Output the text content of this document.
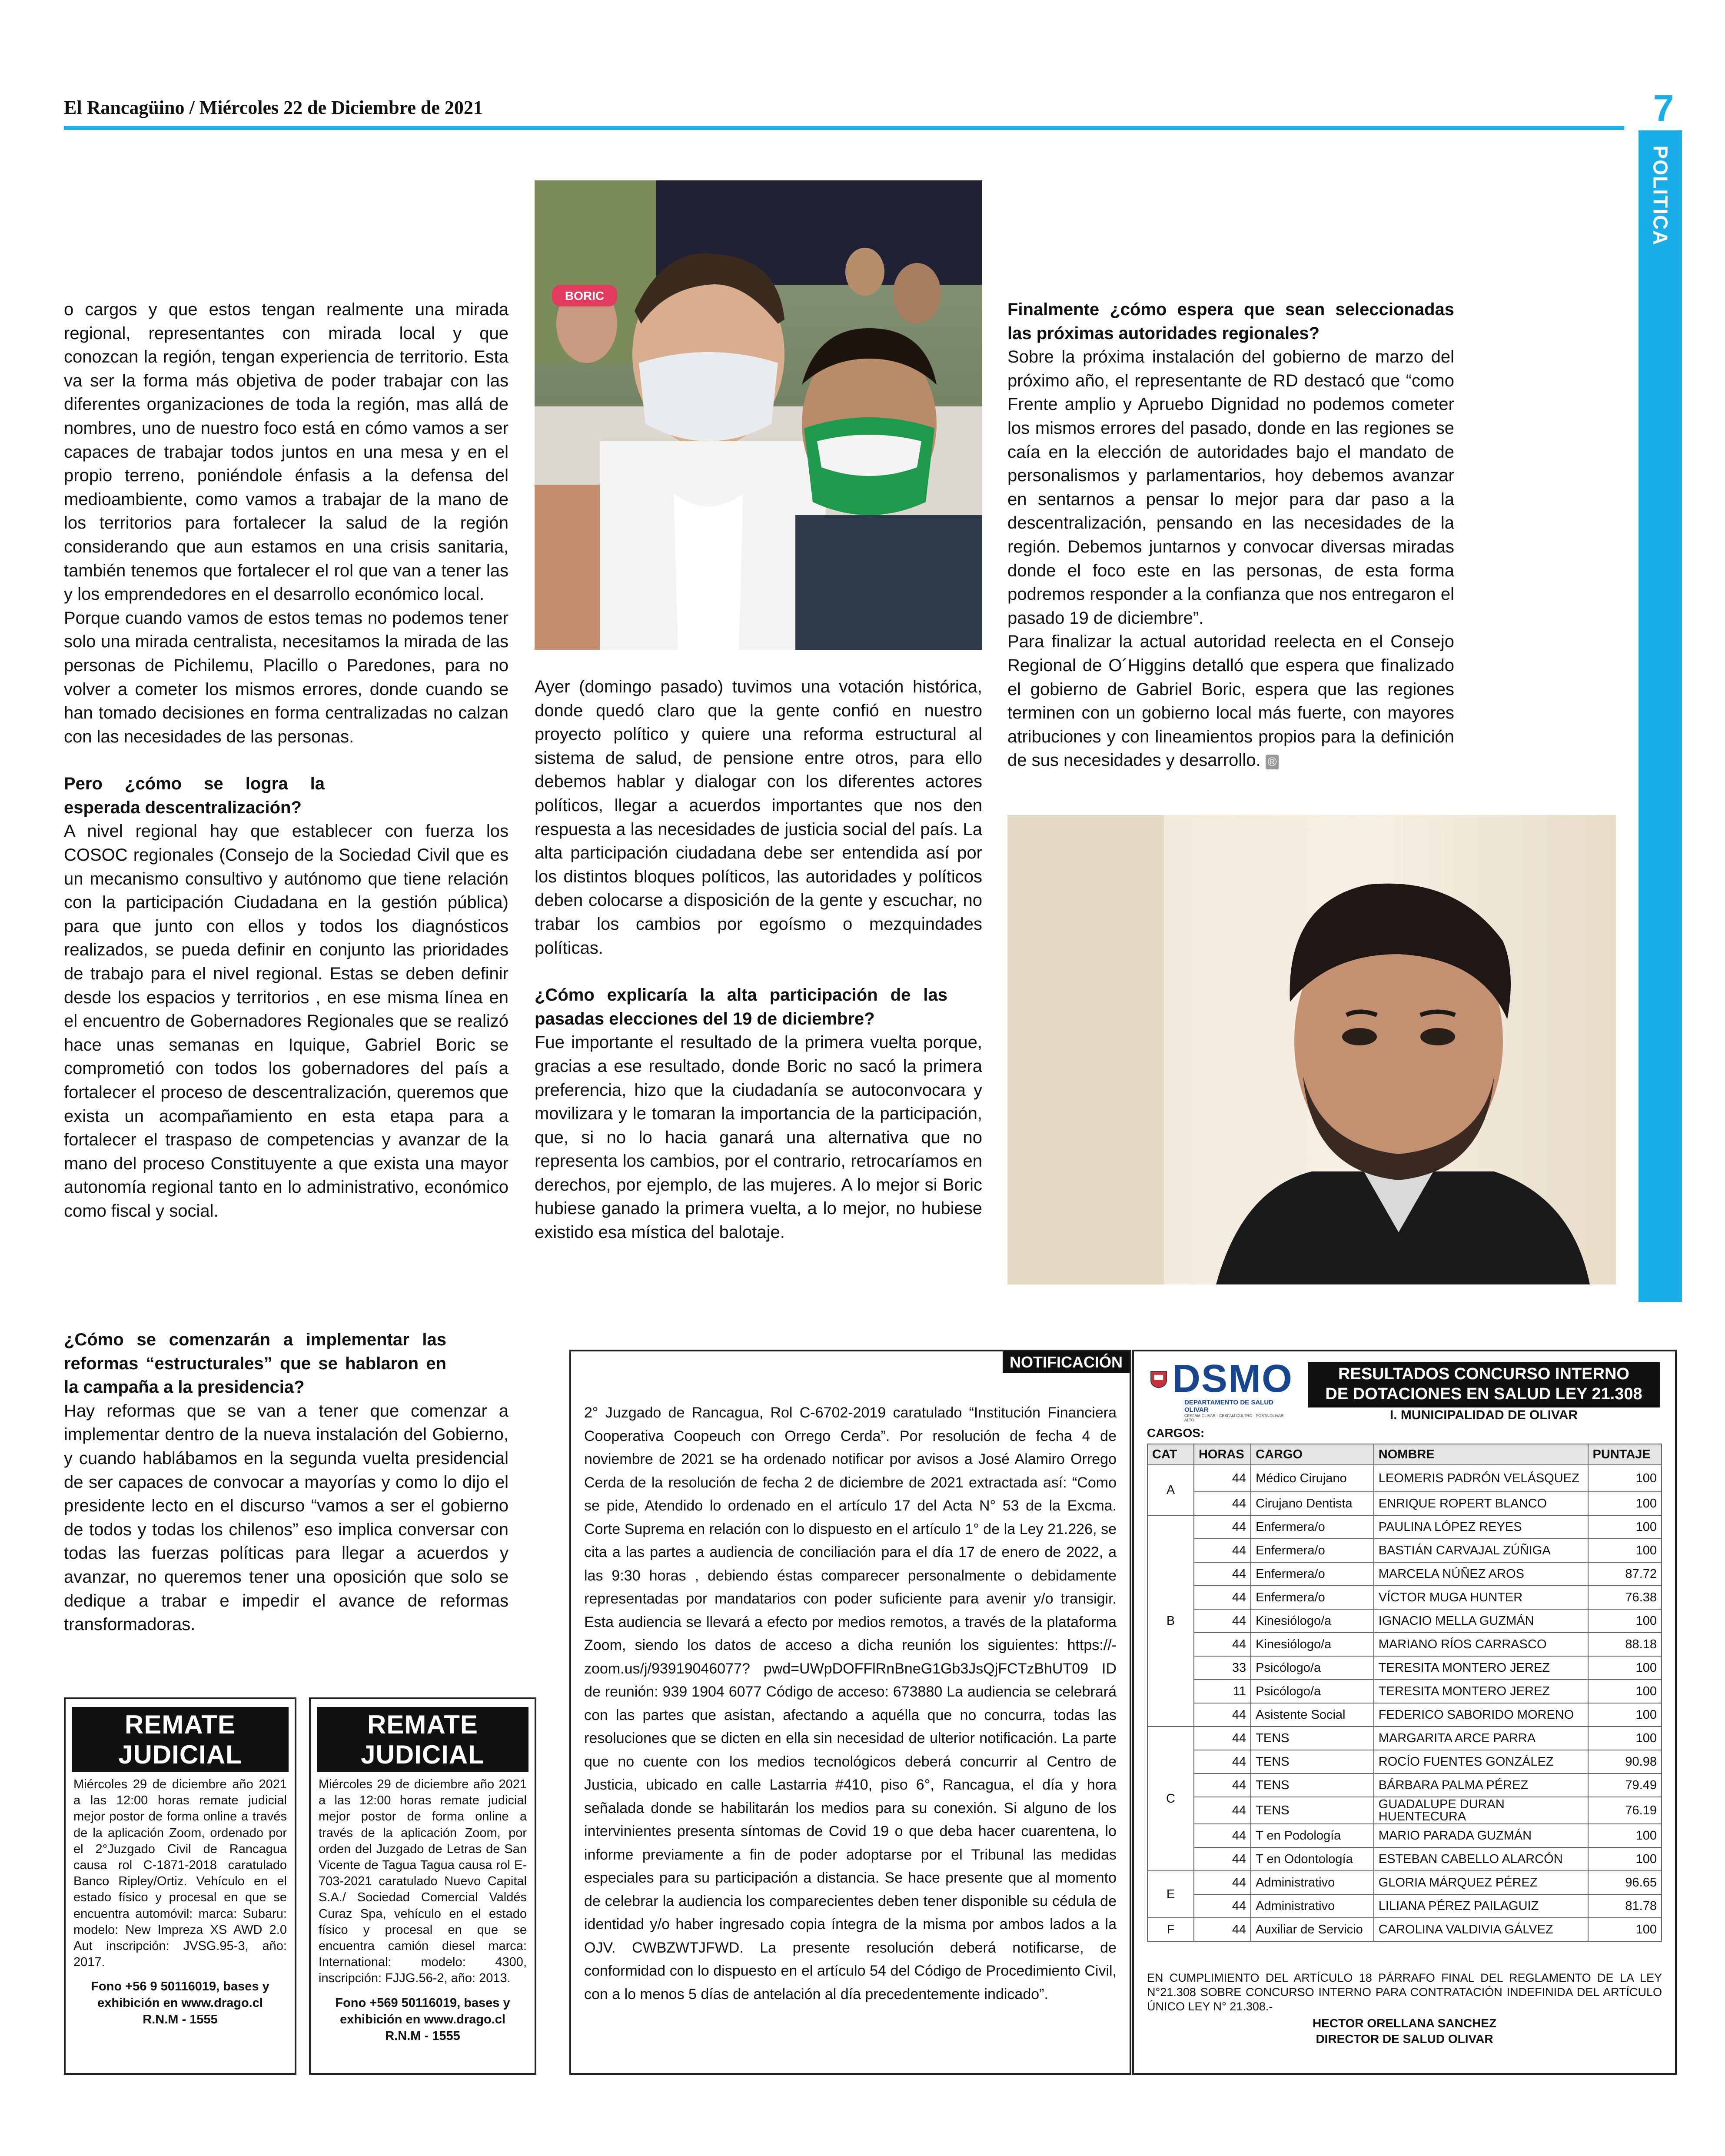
El Rancagüino / Miércoles 22 de Diciembre de 2021	7
POLITICA

o cargos y que estos tengan realmente una mirada regional, representantes con mirada local y que conozcan la región, tengan experiencia de territorio. Esta va ser la forma más objetiva de poder trabajar con las diferentes organizaciones de toda la región, mas allá de nombres, uno de nuestro foco está en cómo vamos a ser capaces de trabajar todos juntos en una mesa y en el propio terreno, poniéndole énfasis a la defensa del medioambiente, como vamos a trabajar de la mano de los territorios para fortalecer la salud de la región considerando que aun estamos en una crisis sanitaria, también tenemos que fortalecer el rol que van a tener las y los emprendedores en el desarrollo económico local.

Porque cuando vamos de estos temas no podemos tener solo una mirada centralista, necesitamos la mirada de las personas de Pichilemu, Placillo o Paredones, para no volver a cometer los mismos errores, donde cuando se han tomado decisiones en forma centralizadas no calzan con las necesidades de las personas.

Pero ¿cómo se logra la esperada descentralización?

A nivel regional hay que establecer con fuerza los COSOC regionales (Consejo de la Sociedad Civil que es un mecanismo consultivo y autónomo que tiene relación con la participación Ciudadana en la gestión pública) para que junto con ellos y todos los diagnósticos realizados, se pueda definir en conjunto las prioridades de trabajo para el nivel regional. Estas se deben definir desde los espacios y territorios , en ese misma línea en el encuentro de Gobernadores Regionales que se realizó hace unas semanas en Iquique, Gabriel Boric se comprometió con todos los gobernadores del país a fortalecer el proceso de descentralización, queremos que exista un acompañamiento en esta etapa para a fortalecer el traspaso de competencias y avanzar de la mano del proceso Constituyente a que exista una mayor autonomía regional tanto en lo administrativo, económico como fiscal y social.

¿Cómo se comenzarán a implementar las reformas “estructurales” que se hablaron en la campaña a la presidencia?

Hay reformas que se van a tener que comenzar a implementar dentro de la nueva instalación del Gobierno, y cuando hablábamos en la segunda vuelta presidencial de ser capaces de convocar a mayorías y como lo dijo el presidente lecto en el discurso “vamos a ser el gobierno de todos y todas los chilenos” eso implica conversar con todas las fuerzas políticas para llegar a acuerdos y avanzar, no queremos tener una oposición que solo se dedique a trabar e impedir el avance de reformas transformadoras.

BORIC

Ayer (domingo pasado) tuvimos una votación histórica, donde quedó claro que la gente confió en nuestro proyecto político y quiere una reforma estructural al sistema de salud, de pensione entre otros, para ello debemos hablar y dialogar con los diferentes actores políticos, llegar a acuerdos importantes que nos den respuesta a las necesidades de justicia social del país. La alta participación ciudadana debe ser entendida así por los distintos bloques políticos, las autoridades y políticos deben colocarse a disposición de la gente y escuchar, no trabar los cambios por egoísmo o mezquindades políticas.

¿Cómo explicaría la alta participación de las pasadas elecciones del 19 de diciembre?

Fue importante el resultado de la primera vuelta porque, gracias a ese resultado, donde Boric no sacó la primera preferencia, hizo que la ciudadanía se autoconvocara y movilizara y le tomaran la importancia de la participación, que, si no lo hacia ganará una alternativa que no representa los cambios, por el contrario, retrocaríamos en derechos, por ejemplo, de las mujeres. A lo mejor si Boric hubiese ganado la primera vuelta, a lo mejor, no hubiese existido esa mística del balotaje.

Finalmente ¿cómo espera que sean seleccionadas las próximas autoridades regionales?

Sobre la próxima instalación del gobierno de marzo del próximo año, el representante de RD destacó que “como Frente amplio y Apruebo Dignidad no podemos cometer los mismos errores del pasado, donde en las regiones se caía en la elección de autoridades bajo el mandato de personalismos y parlamentarios, hoy debemos avanzar en sentarnos a pensar lo mejor para dar paso a la descentralización, pensando en las necesidades de la región. Debemos juntarnos y convocar diversas miradas donde el foco este en las personas, de esta forma podremos responder a la confianza que nos entregaron el pasado 19 de diciembre”.

Para finalizar la actual autoridad reelecta en el Consejo Regional de O´Higgins detalló que espera que finalizado el gobierno de Gabriel Boric, espera que las regiones terminen con un gobierno local más fuerte, con mayores atribuciones y con lineamientos propios para la definición de sus necesidades y desarrollo. ®

REMATE JUDICIAL
Miércoles 29 de diciembre año 2021 a las 12:00 horas remate judicial mejor postor de forma online a través de la aplicación Zoom, ordenado por el 2°Juzgado Civil de Rancagua causa rol C-1871-2018 caratulado Banco Ripley/Ortiz. Vehículo en el estado físico y procesal en que se encuentra automóvil: marca: Subaru: modelo: New Impreza XS AWD 2.0 Aut inscripción: JVSG.95-3, año: 2017.
Fono +56 9 50116019, bases y exhibición en www.drago.cl
R.N.M - 1555
REMATE JUDICIAL
Miércoles 29 de diciembre año 2021 a las 12:00 horas remate judicial mejor postor de forma online a través de la aplicación Zoom, por orden del Juzgado de Letras de San Vicente de Tagua Tagua causa rol E-703-2021 caratulado Nuevo Capital S.A./ Sociedad Comercial Valdés Curaz Spa, vehículo en el estado físico y procesal en que se encuentra camión diesel marca: International: modelo: 4300, inscripción: FJJG.56-2, año: 2013.
Fono +569 50116019, bases y exhibición en www.drago.cl
R.N.M - 1555
NOTIFICACIÓN
2° Juzgado de Rancagua, Rol C-6702-2019 caratulado “Institución Financiera Cooperativa Coopeuch con Orrego Cerda”. Por resolución de fecha 4 de noviembre de 2021 se ha ordenado notificar por avisos a José Alamiro Orrego Cerda de la resolución de fecha 2 de diciembre de 2021 extractada así: “Como se pide, Atendido lo ordenado en el artículo 17 del Acta N° 53 de la Excma. Corte Suprema en relación con lo dispuesto en el artículo 1° de la Ley 21.226, se cita a las partes a audiencia de conciliación para el día 17 de enero de 2022, a las 9:30 horas , debiendo éstas comparecer personalmente o debidamente representadas por mandatarios con poder suficiente para avenir y/o transigir. Esta audiencia se llevará a efecto por medios remotos, a través de la plataforma Zoom, siendo los datos de acceso a dicha reunión los siguientes: https://-zoom.us/j/93919046077? pwd=UWpDOFFlRnBneG1Gb3JsQjFCTzBhUT09 ID de reunión: 939 1904 6077 Código de acceso: 673880 La audiencia se celebrará con las partes que asistan, afectando a aquélla que no concurra, todas las resoluciones que se dicten en ella sin necesidad de ulterior notificación. La parte que no cuente con los medios tecnológicos deberá concurrir al Centro de Justicia, ubicado en calle Lastarria #410, piso 6°, Rancagua, el día y hora señalada donde se habilitarán los medios para su conexión. Si alguno de los intervinientes presenta síntomas de Covid 19 o que deba hacer cuarentena, lo informe previamente a fin de poder adoptarse por el Tribunal las medidas especiales para su participación a distancia. Se hace presente que al momento de celebrar la audiencia los comparecientes deben tener disponible su cédula de identidad y/o haber ingresado copia íntegra de la misma por ambos lados a la OJV. CWBZWTJFWD. La presente resolución deberá notificarse, de conformidad con lo dispuesto en el artículo 54 del Código de Procedimiento Civil, con a lo menos 5 días de antelación al día precedentemente indicado”.
DSMO
DEPARTAMENTO DE SALUD OLIVAR
CESFAM OLIVAR · CESFAM GULTRO · POSTA OLIVAR ALTO
RESULTADOS CONCURSO INTERNO
DE DOTACIONES EN SALUD LEY 21.308
I. MUNICIPALIDAD DE OLIVAR
CARGOS:
CAT	HORAS	CARGO	NOMBRE	PUNTAJE
A	44	Médico Cirujano	LEOMERIS PADRÓN VELÁSQUEZ	100
	44	Cirujano Dentista	ENRIQUE ROPERT BLANCO	100
B	44	Enfermera/o	PAULINA LÓPEZ REYES	100
	44	Enfermera/o	BASTIÁN CARVAJAL ZÚÑIGA	100
	44	Enfermera/o	MARCELA NÚÑEZ AROS	87.72
	44	Enfermera/o	VÍCTOR MUGA HUNTER	76.38
	44	Kinesiólogo/a	IGNACIO MELLA GUZMÁN	100
	44	Kinesiólogo/a	MARIANO RÍOS CARRASCO	88.18
	33	Psicólogo/a	TERESITA MONTERO JEREZ	100
	11	Psicólogo/a	TERESITA MONTERO JEREZ	100
	44	Asistente Social	FEDERICO SABORIDO MORENO	100
C	44	TENS	MARGARITA ARCE PARRA	100
	44	TENS	ROCÍO FUENTES GONZÁLEZ	90.98
	44	TENS	BÁRBARA PALMA PÉREZ	79.49
	44	TENS	GUADALUPE DURAN HUENTECURA	76.19
	44	T en Podología	MARIO PARADA GUZMÁN	100
	44	T en Odontología	ESTEBAN CABELLO ALARCÓN	100
E	44	Administrativo	GLORIA MÁRQUEZ PÉREZ	96.65
	44	Administrativo	LILIANA PÉREZ PAILAGUIZ	81.78
F	44	Auxiliar de Servicio	CAROLINA VALDIVIA GÁLVEZ	100
EN CUMPLIMIENTO DEL ARTÍCULO 18 PÁRRAFO FINAL DEL REGLAMENTO DE LA LEY N°21.308 SOBRE CONCURSO INTERNO PARA CONTRATACIÓN INDEFINIDA DEL ARTÍCULO ÚNICO LEY N° 21.308.-
HECTOR ORELLANA SANCHEZ
DIRECTOR DE SALUD OLIVAR
